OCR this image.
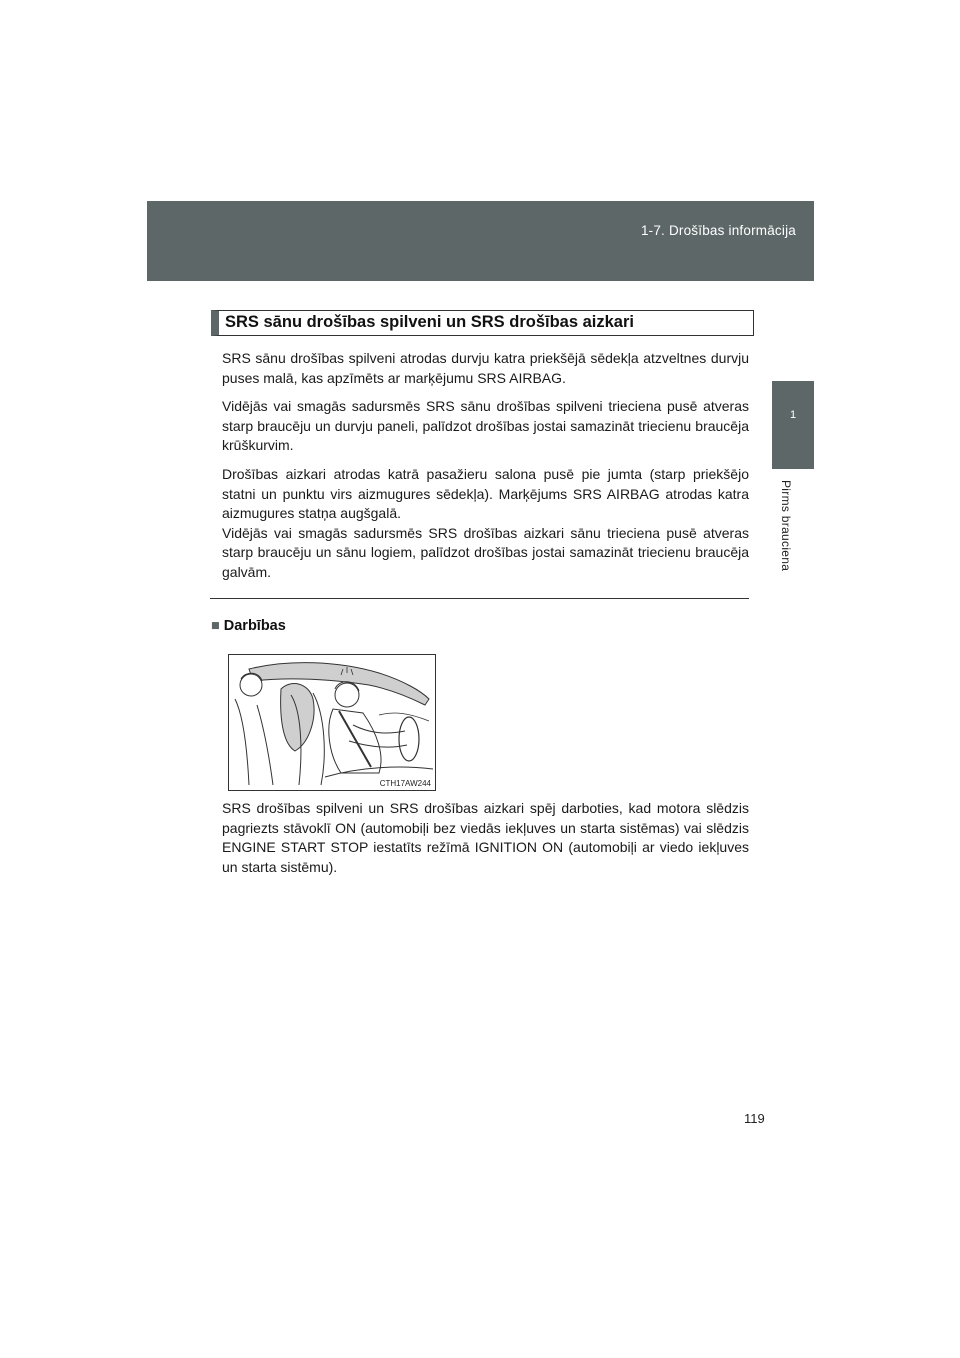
1-7. Drošības informācija
1
Pirms brauciena
SRS sānu drošības spilveni un SRS drošības aizkari

SRS sānu drošības spilveni atrodas durvju katra priekšējā sēdekļa atzveltnes durvju puses malā, kas apzīmēts ar marķējumu SRS AIRBAG.

Vidējās vai smagās sadursmēs SRS sānu drošības spilveni trieciena pusē atveras starp braucēju un durvju paneli, palīdzot drošības jostai samazināt triecienu braucēja krūškurvim.

Drošības aizkari atrodas katrā pasažieru salona pusē pie jumta (starp priekšējo statni un punktu virs aizmugures sēdekļa). Marķējums SRS AIRBAG atrodas katra aizmugures statņa augšgalā.

Vidējās vai smagās sadursmēs SRS drošības aizkari sānu trieciena pusē atveras starp braucēju un sānu logiem, palīdzot drošības jostai samazināt triecienu braucēja galvām.

■ Darbības
CTH17AW244

SRS drošības spilveni un SRS drošības aizkari spēj darboties, kad motora slēdzis pagriezts stāvoklī ON (automobiļi bez viedās iekļuves un starta sistēmas) vai slēdzis ENGINE START STOP iestatīts režīmā IGNITION ON (automobiļi ar viedo iekļuves un starta sistēmu).

119
